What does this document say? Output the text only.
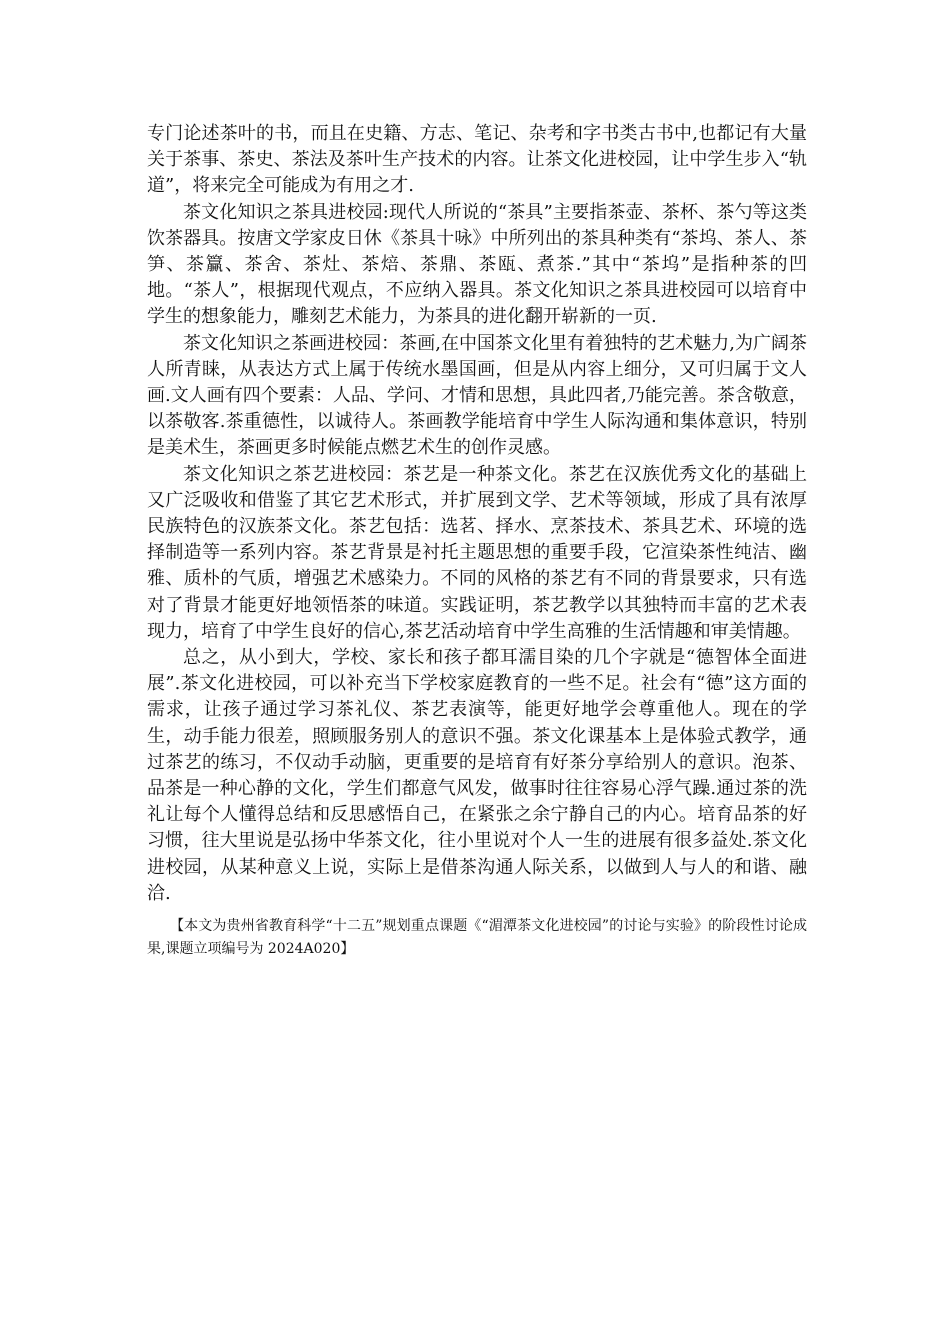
专门论述茶叶的书，而且在史籍、方志、笔记、杂考和字书类古书中,也都记有大量关于茶事、茶史、茶法及茶叶生产技术的内容。让茶文化进校园，让中学生步入“轨道”，将来完全可能成为有用之才.

茶文化知识之茶具进校园:现代人所说的“茶具”主要指茶壶、茶杯、茶勺等这类饮茶器具。按唐文学家皮日休《茶具十咏》中所列出的茶具种类有“茶坞、茶人、茶笋、茶籯、茶舍、茶灶、茶焙、茶鼎、茶瓯、煮茶.”其中“茶坞”是指种茶的凹地。“茶人”，根据现代观点，不应纳入器具。茶文化知识之茶具进校园可以培育中学生的想象能力，雕刻艺术能力，为茶具的进化翻开崭新的一页.

茶文化知识之茶画进校园：茶画,在中国茶文化里有着独特的艺术魅力,为广阔茶人所青睐，从表达方式上属于传统水墨国画，但是从内容上细分，又可归属于文人画.文人画有四个要素：人品、学问、才情和思想，具此四者,乃能完善。茶含敬意，以茶敬客.茶重德性，以诚待人。茶画教学能培育中学生人际沟通和集体意识，特别是美术生，茶画更多时候能点燃艺术生的创作灵感。

茶文化知识之茶艺进校园：茶艺是一种茶文化。茶艺在汉族优秀文化的基础上又广泛吸收和借鉴了其它艺术形式，并扩展到文学、艺术等领域，形成了具有浓厚民族特色的汉族茶文化。茶艺包括：选茗、择水、烹茶技术、茶具艺术、环境的选择制造等一系列内容。茶艺背景是衬托主题思想的重要手段，它渲染茶性纯洁、幽雅、质朴的气质，增强艺术感染力。不同的风格的茶艺有不同的背景要求，只有选对了背景才能更好地领悟茶的味道。实践证明，茶艺教学以其独特而丰富的艺术表现力，培育了中学生良好的信心,茶艺活动培育中学生高雅的生活情趣和审美情趣。

总之，从小到大，学校、家长和孩子都耳濡目染的几个字就是“德智体全面进展”.茶文化进校园，可以补充当下学校家庭教育的一些不足。社会有“德”这方面的需求，让孩子通过学习茶礼仪、茶艺表演等，能更好地学会尊重他人。现在的学生，动手能力很差，照顾服务别人的意识不强。茶文化课基本上是体验式教学，通过茶艺的练习，不仅动手动脑，更重要的是培育有好茶分享给别人的意识。泡茶、品茶是一种心静的文化，学生们都意气风发，做事时往往容易心浮气躁.通过茶的洗礼让每个人懂得总结和反思感悟自己，在紧张之余宁静自己的内心。培育品茶的好习惯，往大里说是弘扬中华茶文化，往小里说对个人一生的进展有很多益处.茶文化进校园，从某种意义上说，实际上是借茶沟通人际关系，以做到人与人的和谐、融洽.

【本文为贵州省教育科学“十二五”规划重点课题《“湄潭茶文化进校园”的讨论与实验》的阶段性讨论成果,课题立项编号为 2024A020】
